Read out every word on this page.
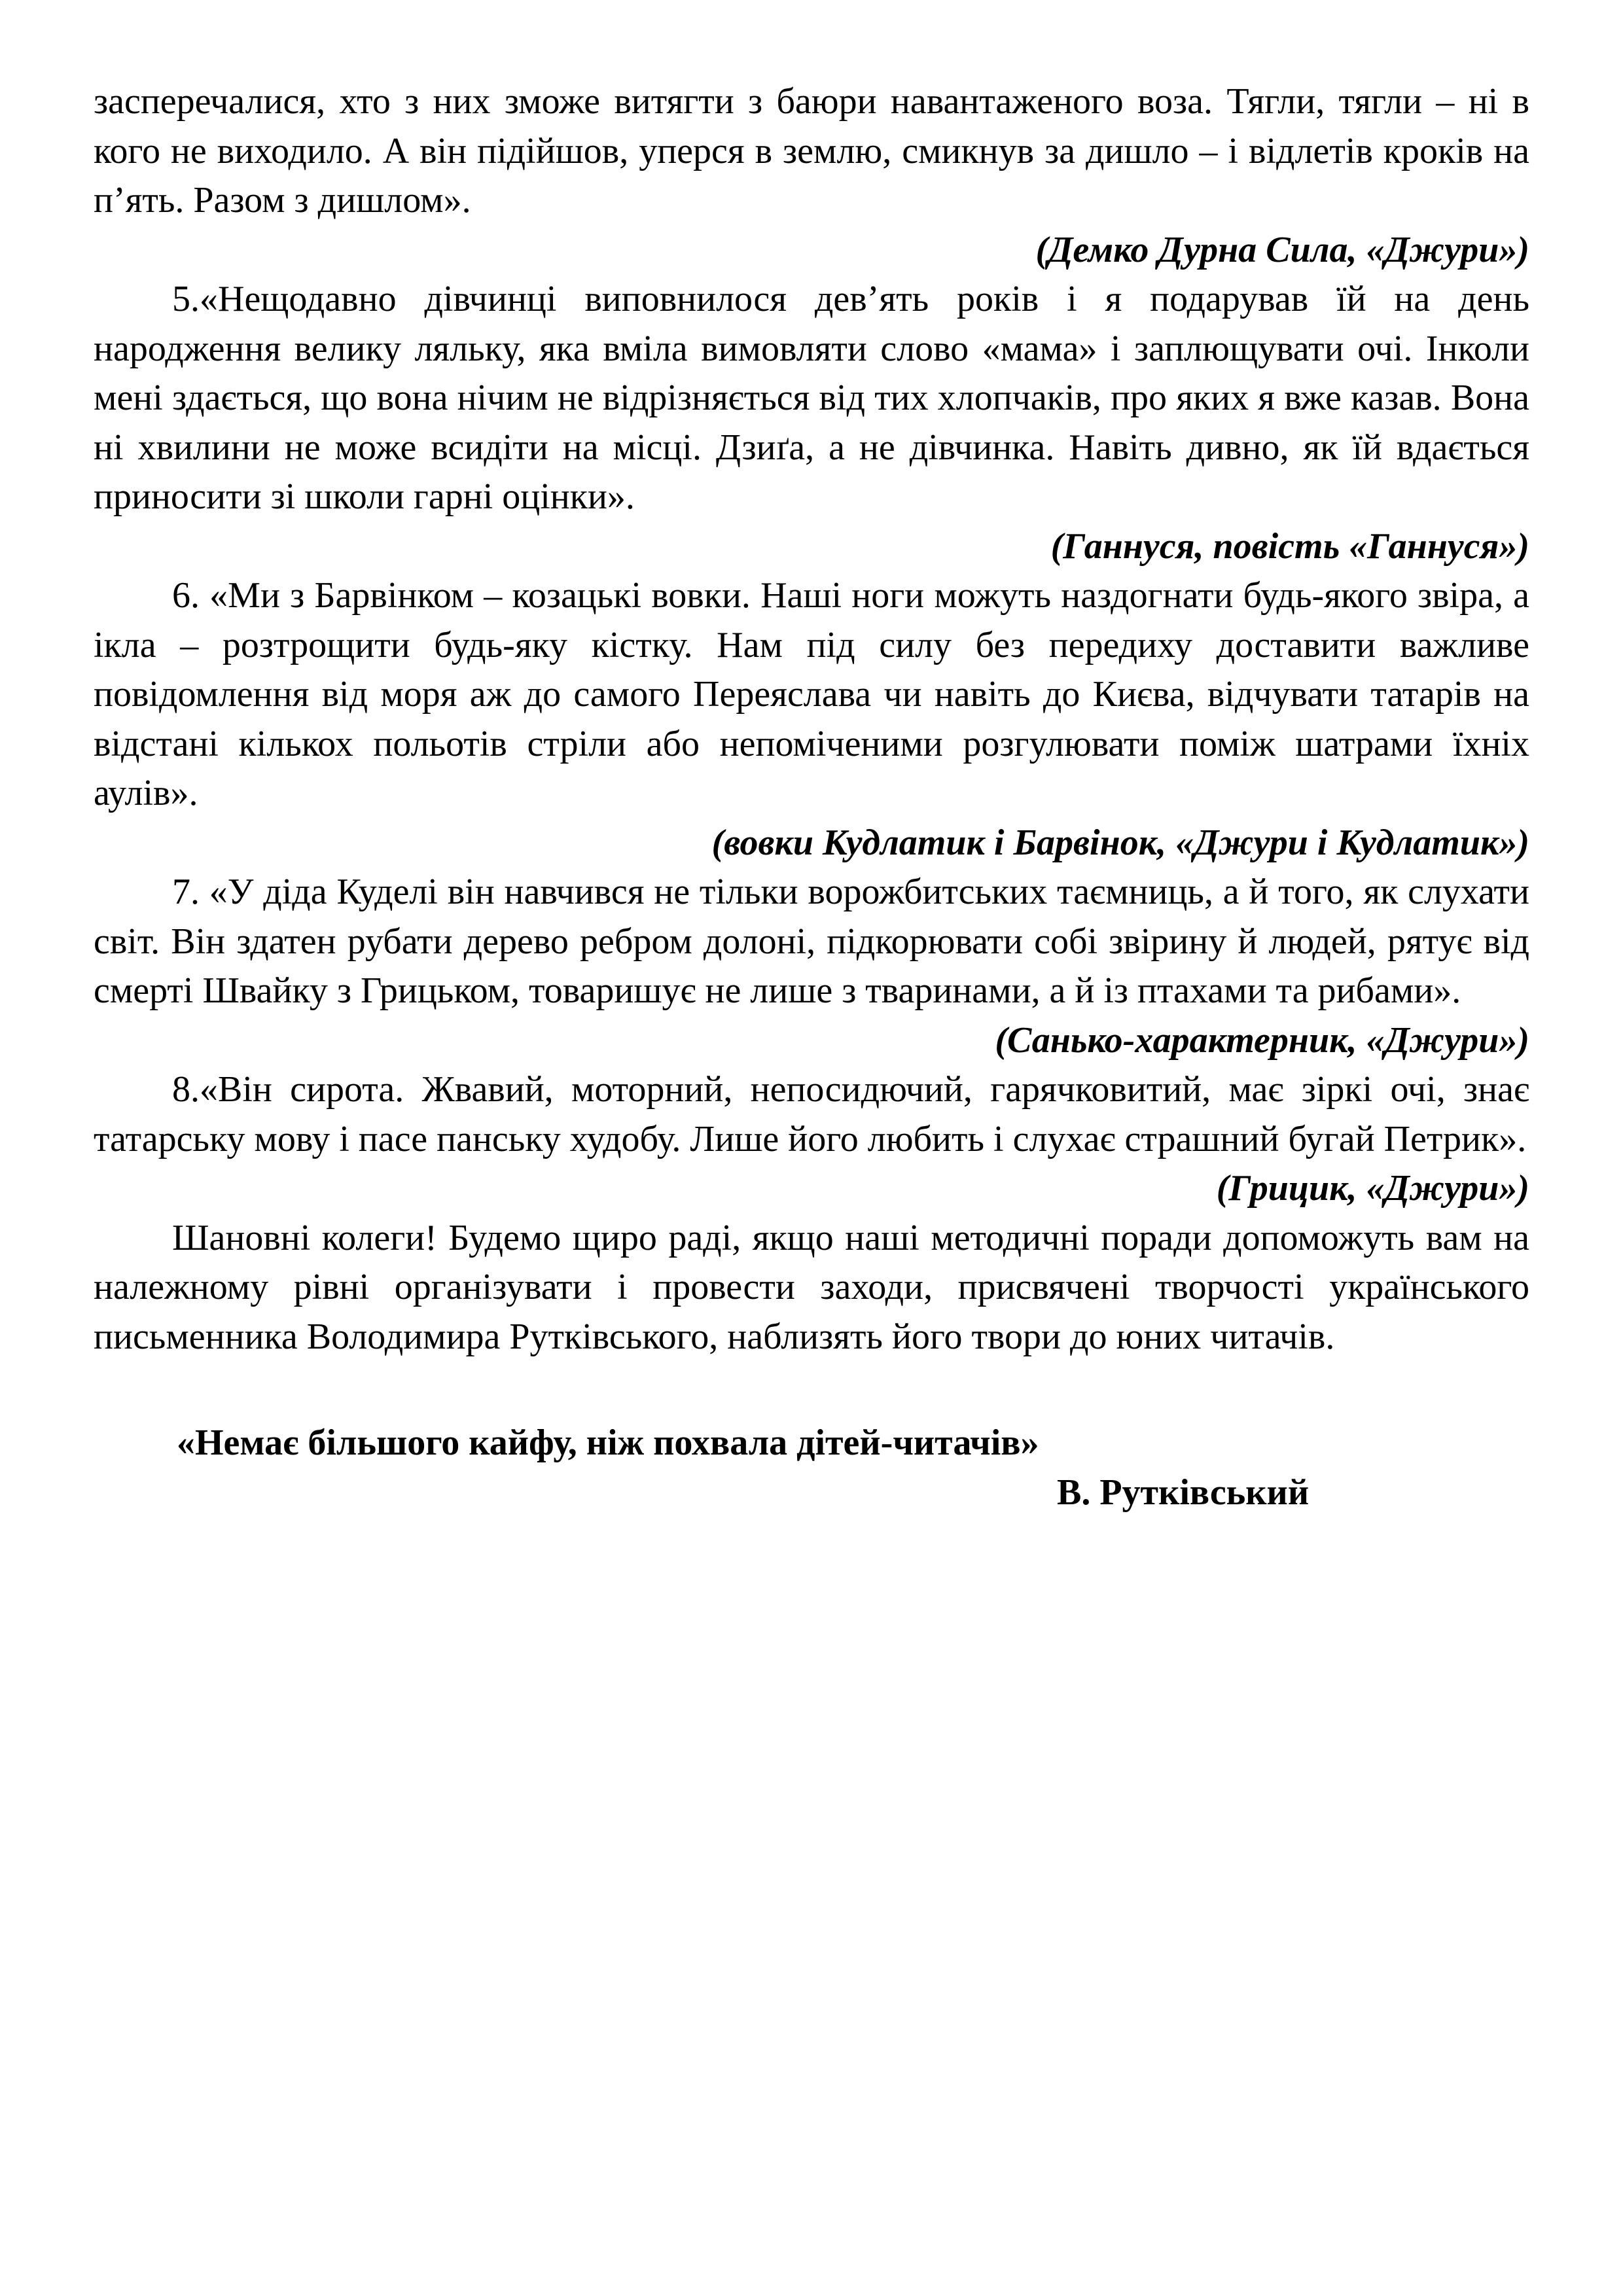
засперечалися, хто з них зможе витягти з баюри навантаженого воза. Тягли, тягли – ні в кого не виходило. А він підійшов, уперся в землю, смикнув за дишло – і відлетів кроків на п’ять. Разом з дишлом».

(Демко Дурна Сила, «Джури»)

5.«Нещодавно дівчинці виповнилося дев’ять років і я подарував їй на день народження велику ляльку, яка вміла вимовляти слово «мама» і заплющувати очі. Інколи мені здається, що вона нічим не відрізняється від тих хлопчаків, про яких я вже казав. Вона ні хвилини не може всидіти на місці. Дзиґа, а не дівчинка. Навіть дивно, як їй вдається приносити зі школи гарні оцінки».

(Ганнуся, повість «Ганнуся»)

6. «Ми з Барвінком – козацькі вовки. Наші ноги можуть наздогнати будь-якого звіра, а ікла – розтрощити будь-яку кістку. Нам під силу без передиху доставити важливе повідомлення від моря аж до самого Переяслава чи навіть до Києва, відчувати татарів на відстані кількох польотів стріли або непоміченими розгулювати поміж шатрами їхніх аулів».

(вовки Кудлатик і Барвінок, «Джури і Кудлатик»)

7. «У діда Куделі він навчився не тільки ворожбитських таємниць, а й того, як слухати світ. Він здатен рубати дерево ребром долоні, підкорювати собі звірину й людей, рятує від смерті Швайку з Грицьком, товаришує не лише з тваринами, а й із птахами та рибами».

(Санько-характерник, «Джури»)

8.«Він сирота. Жвавий, моторний, непосидючий, гарячковитий, має зіркі очі, знає татарську мову і пасе панську худобу. Лише його любить і слухає страшний бугай Петрик».

(Грицик, «Джури»)

Шановні колеги! Будемо щиро раді, якщо наші методичні поради допоможуть вам на належному рівні організувати і провести заходи, присвячені творчості українського письменника Володимира Рутківського, наблизять його твори до юних читачів.

«Немає більшого кайфу, ніж похвала дітей-читачів»

В. Рутківський
